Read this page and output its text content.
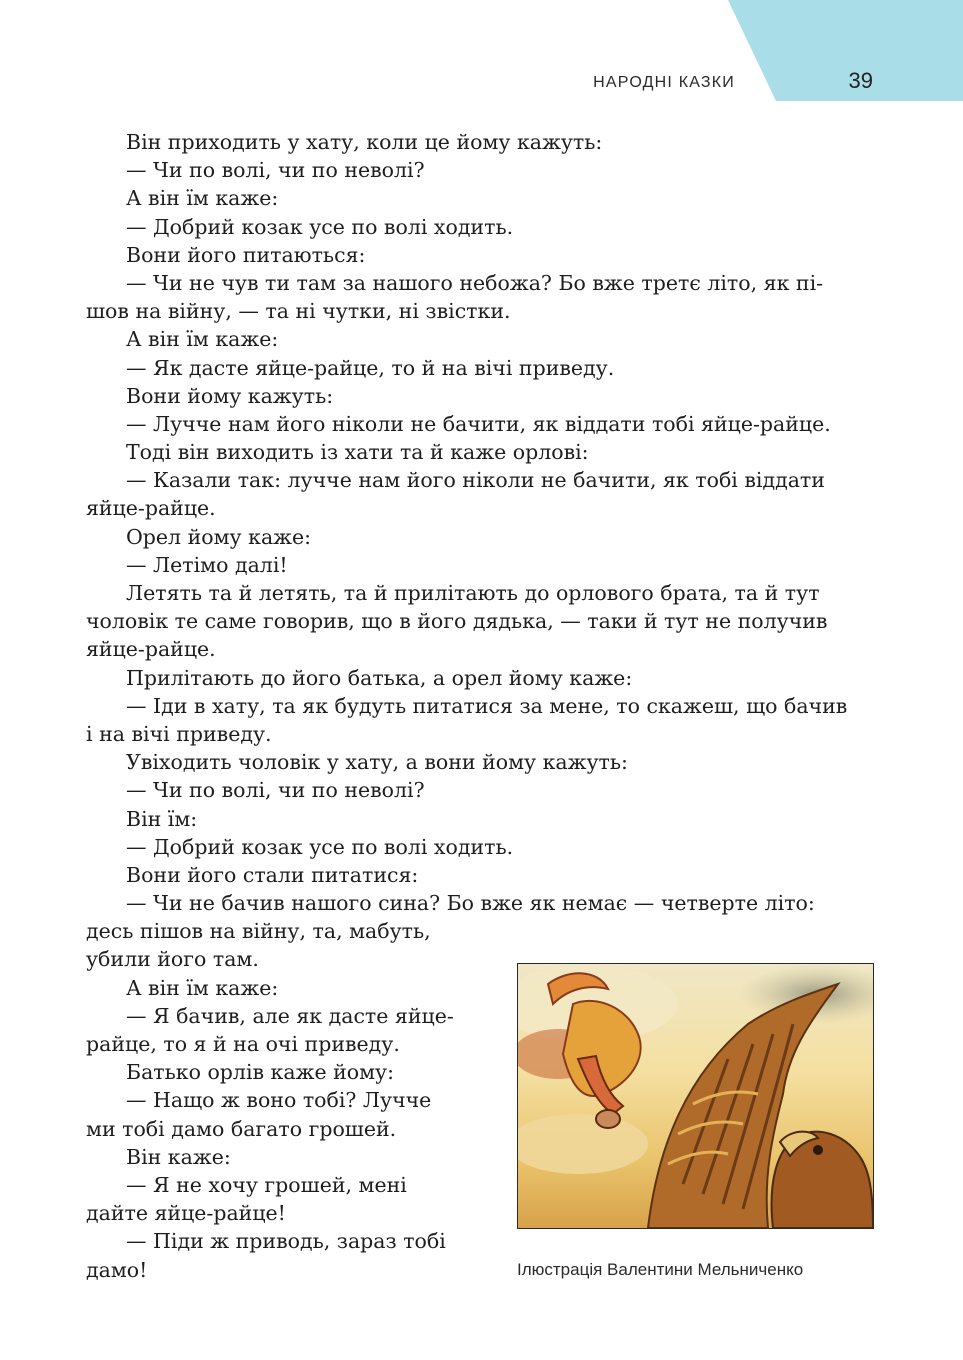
НАРОДНІ КАЗКИ	39
Він приходить у хату, коли це йому кажуть:
— Чи по волі, чи по неволі?
А він їм каже:
— Добрий козак усе по волі ходить.
Вони його питаються:
— Чи не чув ти там за нашого небожа? Бо вже третє літо, як пі-
шов на війну, — та ні чутки, ні звістки.
А він їм каже:
— Як дасте яйце-райце, то й на вічі приведу.
Вони йому кажуть:
— Лучче нам його ніколи не бачити, як віддати тобі яйце-райце.
Тоді він виходить із хати та й каже орлові:
— Казали так: лучче нам його ніколи не бачити, як тобі віддати
яйце-райце.
Орел йому каже:
— Летімо далі!
Летять та й летять, та й прилітають до орлового брата, та й тут
чоловік те саме говорив, що в його дядька, — таки й тут не получив
яйце-райце.
Прилітають до його батька, а орел йому каже:
— Іди в хату, та як будуть питатися за мене, то скажеш, що бачив
і на вічі приведу.
Увіходить чоловік у хату, а вони йому кажуть:
— Чи по волі, чи по неволі?
Він їм:
— Добрий козак усе по волі ходить.
Вони його стали питатися:
— Чи не бачив нашого сина? Бо вже як немає — четверте літо:
десь пішов на війну, та, мабуть,
убили його там.
А він їм каже:
— Я бачив, але як дасте яйце-
райце, то я й на очі приведу.
Батько орлів каже йому:
— Нащо ж воно тобі? Лучче
ми тобі дамо багато грошей.
Він каже:
— Я не хочу грошей, мені
дайте яйце-райце!
— Піди ж приводь, зараз тобі
дамо!	Ілюстрація Валентини Мельниченко
